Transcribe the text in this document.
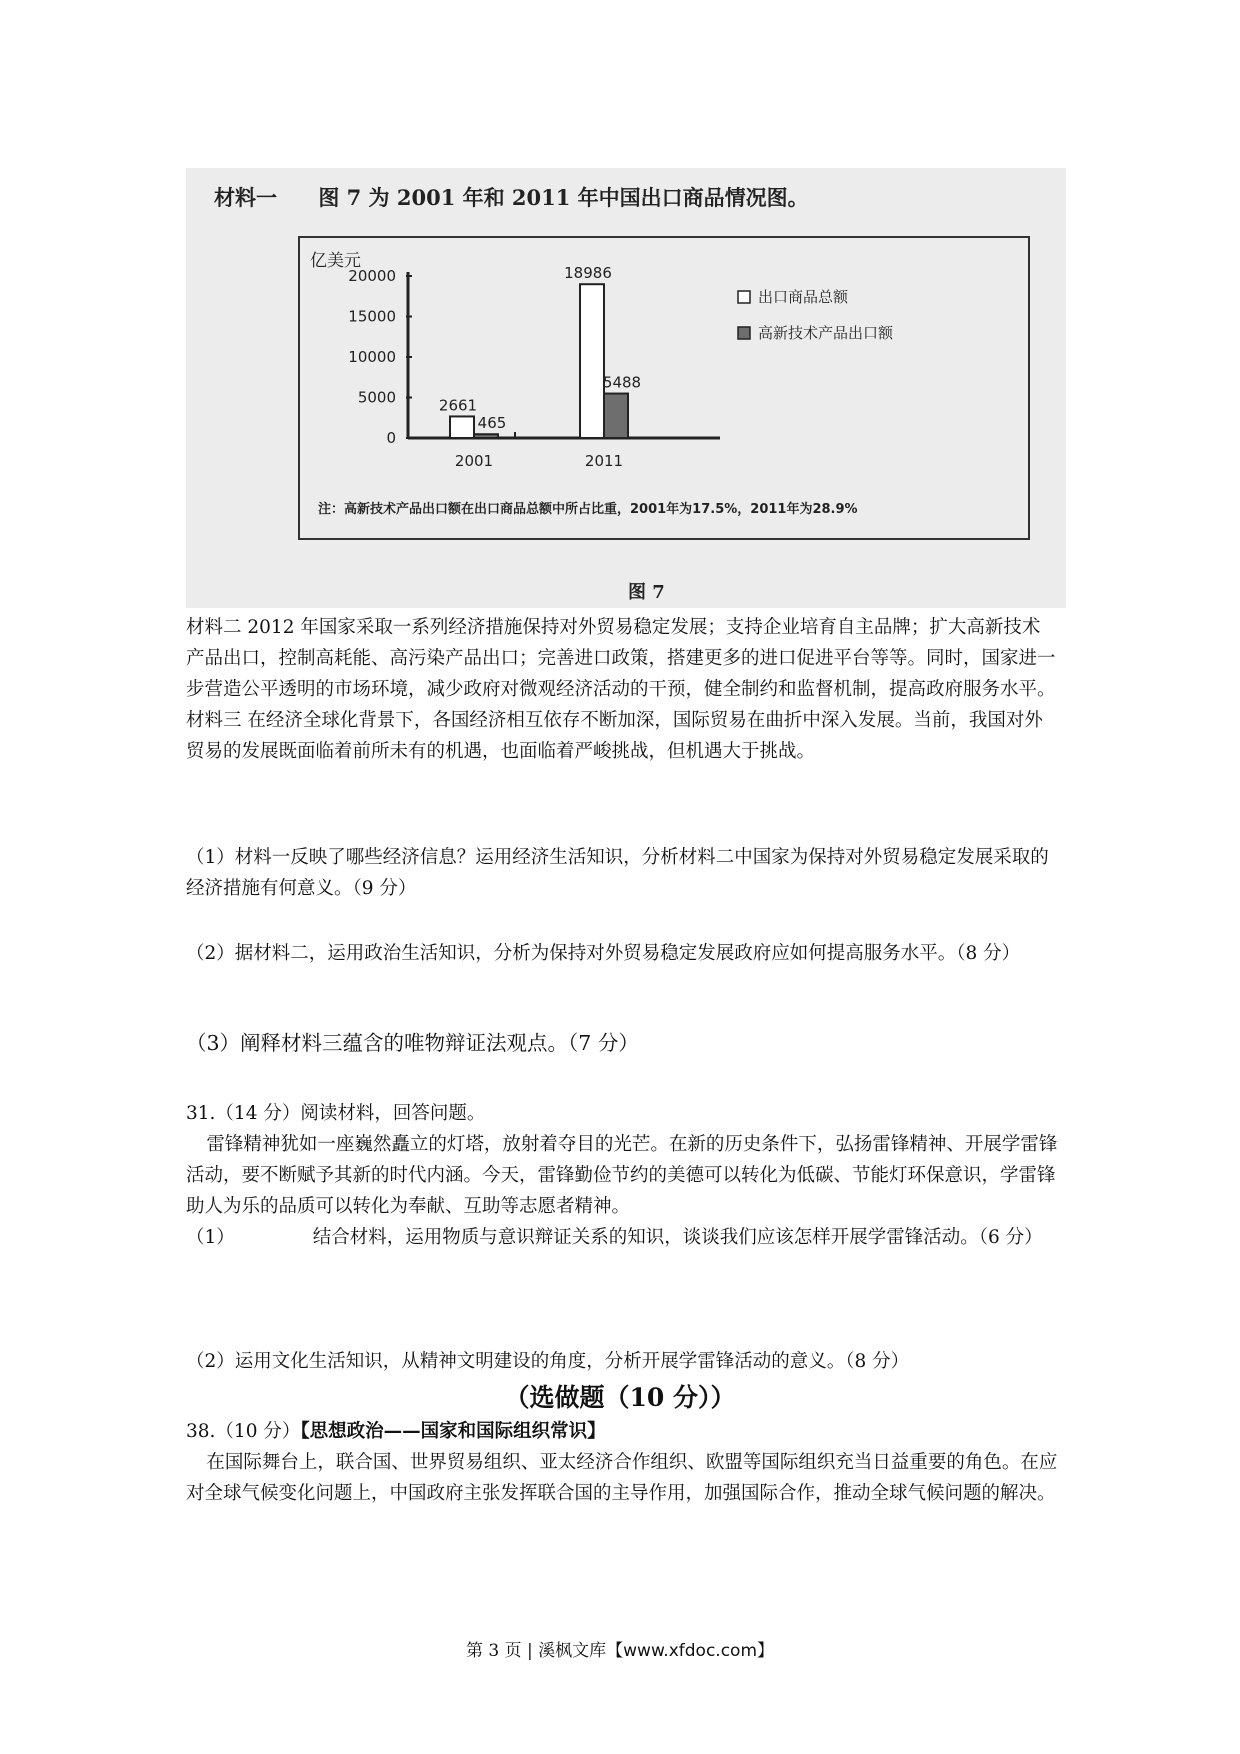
材料一 图 7 为 2001 年和 2011 年中国出口商品情况图。
亿美元
0
5000
10000
15000
20000
2661
465
2001
18986
5488
2011
出口商品总额
高新技术产品出口额
注：高新技术产品出口额在出口商品总额中所占比重，2001年为17.5%，2011年为28.9%
图 7

材料二 2012 年国家采取一系列经济措施保持对外贸易稳定发展；支持企业培育自主品牌；扩大高新技术产品出口，控制高耗能、高污染产品出口；完善进口政策，搭建更多的进口促进平台等等。同时，国家进一步营造公平透明的市场环境，减少政府对微观经济活动的干预，健全制约和监督机制，提高政府服务水平。

材料三 在经济全球化背景下，各国经济相互依存不断加深，国际贸易在曲折中深入发展。当前，我国对外贸易的发展既面临着前所未有的机遇，也面临着严峻挑战，但机遇大于挑战。

（1）材料一反映了哪些经济信息？运用经济生活知识，分析材料二中国家为保持对外贸易稳定发展采取的经济措施有何意义。（9 分）

（2）据材料二，运用政治生活知识，分析为保持对外贸易稳定发展政府应如何提高服务水平。（8 分）

（3）阐释材料三蕴含的唯物辩证法观点。（7 分）

31.（14 分）阅读材料，回答问题。

雷锋精神犹如一座巍然矗立的灯塔，放射着夺目的光芒。在新的历史条件下，弘扬雷锋精神、开展学雷锋活动，要不断赋予其新的时代内涵。今天，雷锋勤俭节约的美德可以转化为低碳、节能灯环保意识，学雷锋助人为乐的品质可以转化为奉献、互助等志愿者精神。

（1）	结合材料，运用物质与意识辩证关系的知识，谈谈我们应该怎样开展学雷锋活动。（6 分）

（2）运用文化生活知识，从精神文明建设的角度，分析开展学雷锋活动的意义。（8 分）

（选做题（10 分））

38.（10 分）【思想政治——国家和国际组织常识】

在国际舞台上，联合国、世界贸易组织、亚太经济合作组织、欧盟等国际组织充当日益重要的角色。在应对全球气候变化问题上，中国政府主张发挥联合国的主导作用，加强国际合作，推动全球气候问题的解决。

第 3 页 | 溪枫文库【www.xfdoc.com】
